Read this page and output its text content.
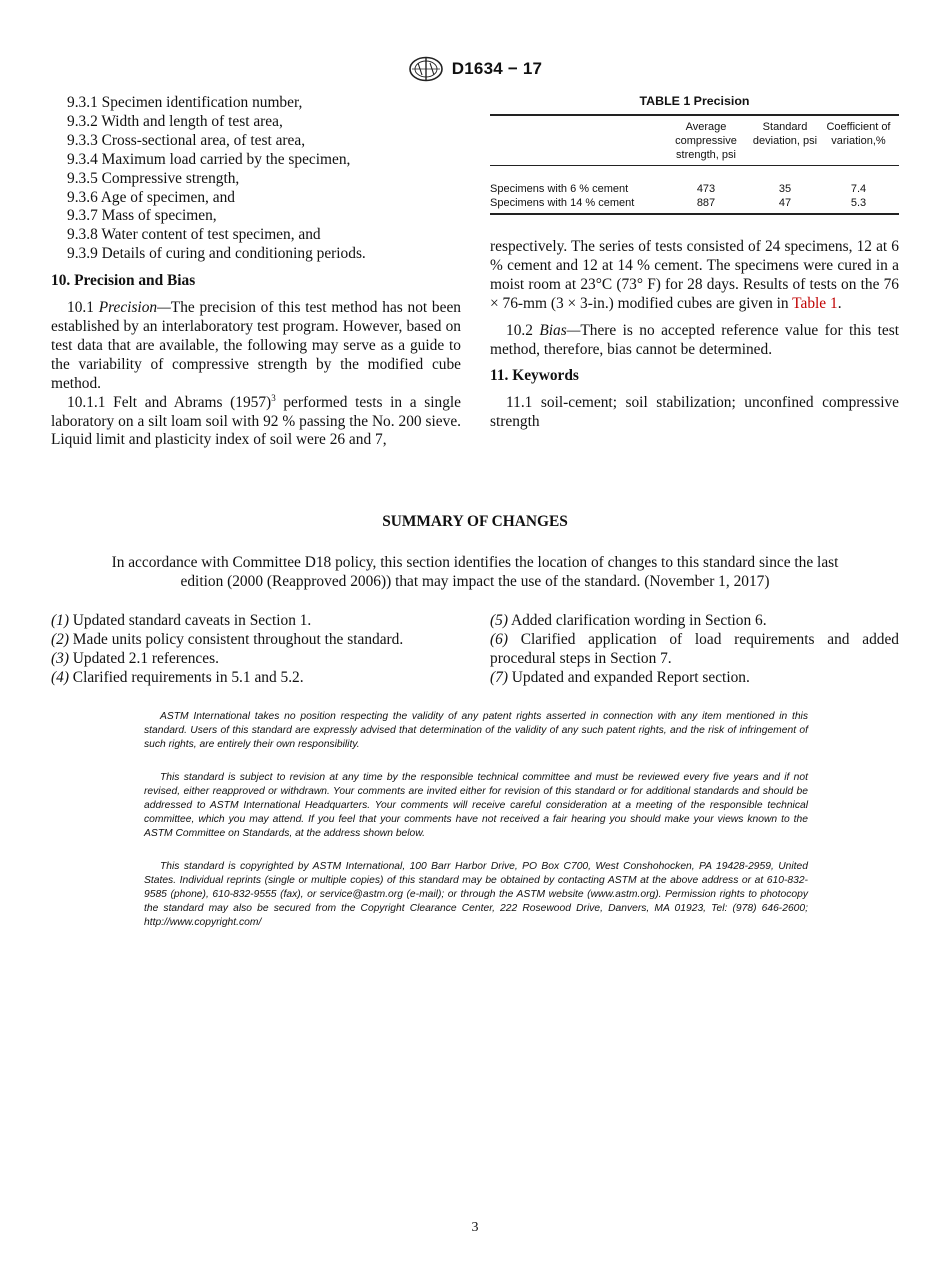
D1634 − 17
9.3.1 Specimen identification number,
9.3.2 Width and length of test area,
9.3.3 Cross-sectional area, of test area,
9.3.4 Maximum load carried by the specimen,
9.3.5 Compressive strength,
9.3.6 Age of specimen, and
9.3.7 Mass of specimen,
9.3.8 Water content of test specimen, and
9.3.9 Details of curing and conditioning periods.

10. Precision and Bias

10.1 Precision—The precision of this test method has not been established by an interlaboratory test program. However, based on test data that are available, the following may serve as a guide to the variability of compressive strength by the modified cube method.

10.1.1 Felt and Abrams $(1957)^3$ performed tests in a single laboratory on a silt loam soil with 92 % passing the No. 200 sieve. Liquid limit and plasticity index of soil were 26 and 7,

TABLE 1 Precision
	Average compressive strength, psi	Standard deviation, psi	Coefficient of variation,%
Specimens with 6 % cement	473	35	7.4
Specimens with 14 % cement	887	47	5.3

respectively. The series of tests consisted of 24 specimens, 12 at 6 % cement and 12 at 14 % cement. The specimens were cured in a moist room at 23°C (73° F) for 28 days. Results of tests on the 76 × 76-mm (3 × 3-in.) modified cubes are given in Table 1.

10.2 Bias—There is no accepted reference value for this test method, therefore, bias cannot be determined.

11. Keywords

11.1 soil-cement; soil stabilization; unconfined compressive strength

SUMMARY OF CHANGES
In accordance with Committee D18 policy, this section identifies the location of changes to this standard since the last edition (2000 (Reapproved 2006)) that may impact the use of the standard. (November 1, 2017)

(1) Updated standard caveats in Section 1.

(2) Made units policy consistent throughout the standard.

(3) Updated 2.1 references.

(4) Clarified requirements in 5.1 and 5.2.

(5) Added clarification wording in Section 6.

(6) Clarified application of load requirements and added procedural steps in Section 7.

(7) Updated and expanded Report section.

ASTM International takes no position respecting the validity of any patent rights asserted in connection with any item mentioned in this standard. Users of this standard are expressly advised that determination of the validity of any such patent rights, and the risk of infringement of such rights, are entirely their own responsibility.

This standard is subject to revision at any time by the responsible technical committee and must be reviewed every five years and if not revised, either reapproved or withdrawn. Your comments are invited either for revision of this standard or for additional standards and should be addressed to ASTM International Headquarters. Your comments will receive careful consideration at a meeting of the responsible technical committee, which you may attend. If you feel that your comments have not received a fair hearing you should make your views known to the ASTM Committee on Standards, at the address shown below.

This standard is copyrighted by ASTM International, 100 Barr Harbor Drive, PO Box C700, West Conshohocken, PA 19428-2959, United States. Individual reprints (single or multiple copies) of this standard may be obtained by contacting ASTM at the above address or at 610-832-9585 (phone), 610-832-9555 (fax), or service@astm.org (e-mail); or through the ASTM website (www.astm.org). Permission rights to photocopy the standard may also be secured from the Copyright Clearance Center, 222 Rosewood Drive, Danvers, MA 01923, Tel: (978) 646-2600; http://www.copyright.com/

3
